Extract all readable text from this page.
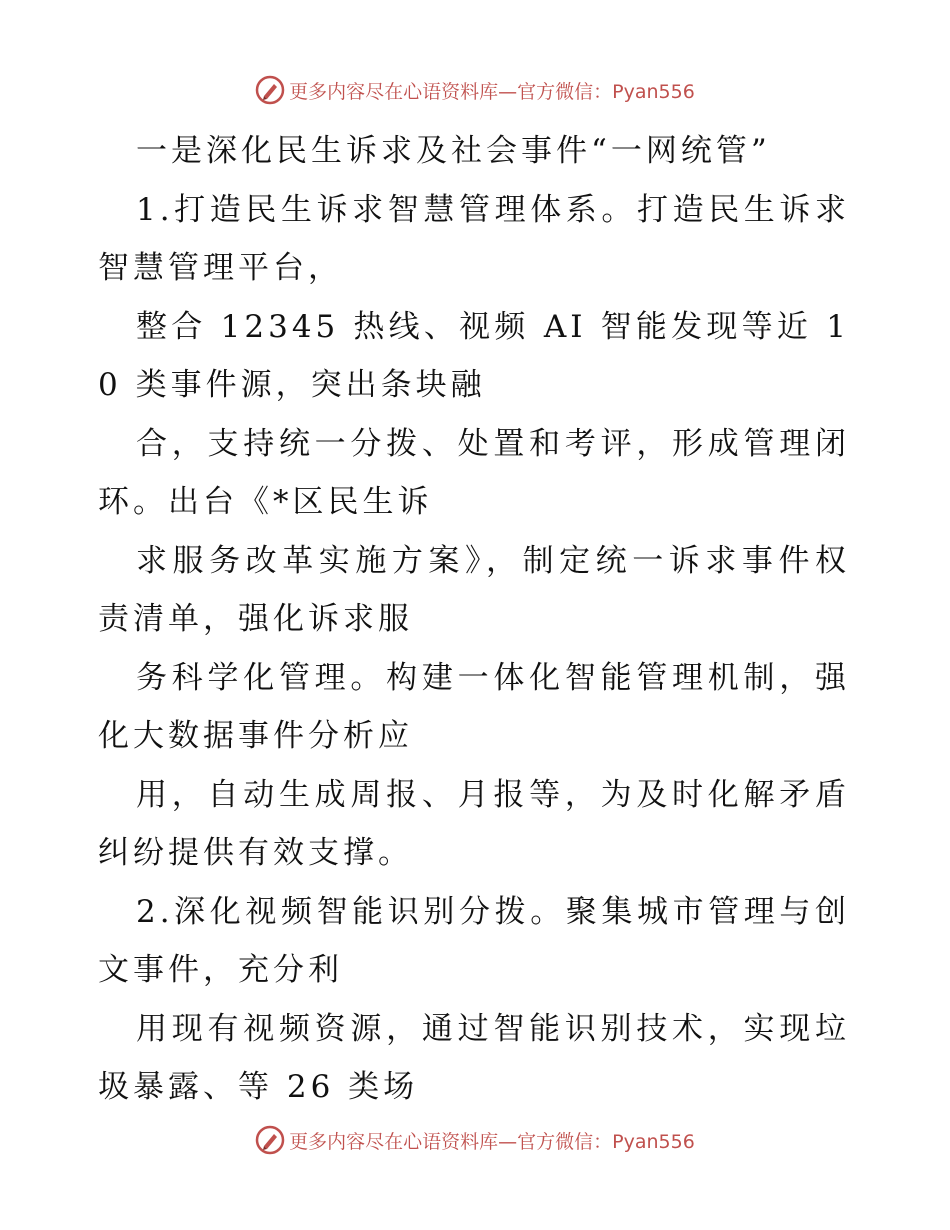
更多内容尽在心语资料库—官方微信：Pyan556

一是深化民生诉求及社会事件“一网统管”

1.打造民生诉求智慧管理体系。打造民生诉求智慧管理平台，

整合 12345 热线、视频 AI 智能发现等近 10 类事件源，突出条块融

合，支持统一分拨、处置和考评，形成管理闭环。出台《*区民生诉

求服务改革实施方案》，制定统一诉求事件权责清单，强化诉求服

务科学化管理。构建一体化智能管理机制，强化大数据事件分析应

用，自动生成周报、月报等，为及时化解矛盾纠纷提供有效支撑。

2.深化视频智能识别分拨。聚集城市管理与创文事件，充分利

用现有视频资源，通过智能识别技术，实现垃圾暴露、等 26 类场

更多内容尽在心语资料库—官方微信：Pyan556
